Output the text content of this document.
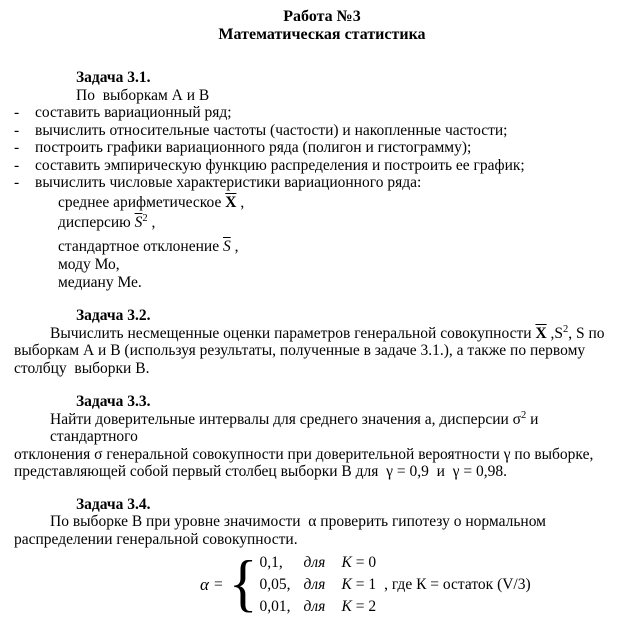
Работа №3
Математическая статистика
Задача 3.1.
По  выборкам А и В
-	составить вариационный ряд;
-	вычислить относительные частоты (частости) и накопленные частости;
-	построить графики вариационного ряда (полигон и гистограмму);
-	составить эмпирическую функцию распределения и построить ее график;
-	вычислить числовые характеристики вариационного ряда:
среднее арифметическое $\overline{X}$ ,
дисперсию $\overline{S}^2$ ,
стандартное отклонение $\overline{S}$ ,
моду Мо,
медиану Ме.
Задача 3.2.
Вычислить несмещенные оценки параметров генеральной совокупности $\overline{X}$ $,S^2$, S по
выборкам А и В (используя результаты, полученные в задаче 3.1.), а также по первому
столбцу  выборки В.
Задача 3.3.
Найти доверительные интервалы для среднего значения а, дисперсии $\sigma^2$ и стандартного
отклонения σ генеральной совокупности при доверительной вероятности γ по выборке,
представляющей собой первый столбец выборки В для  γ = 0,9  и  γ = 0,98.
Задача 3.4.
По выборке В при уровне значимости  α проверить гипотезу о нормальном
распределении генеральной совокупности.
α = { 0,1,	для	K = 0
0,05, для	K = 1
0,01, для	K = 2
, где К = остаток (V/3)
